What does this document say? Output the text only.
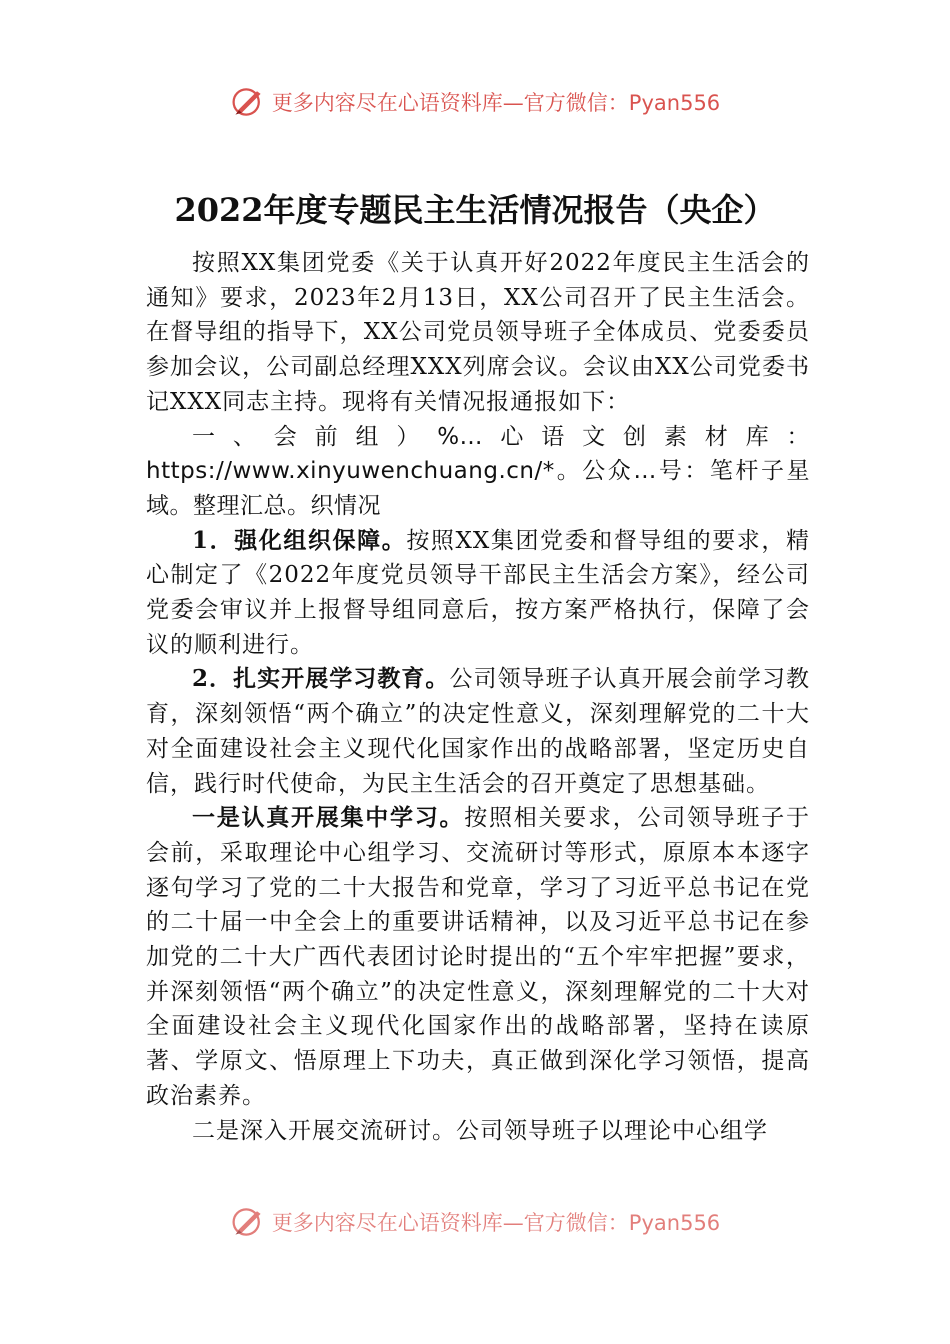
更多内容尽在心语资料库—官方微信：Pyan556
2022年度专题民主生活情况报告（央企）

按照XX集团党委《关于认真开好2022年度民主生活会的通知》要求，2023年2月13日，XX公司召开了民主生活会。在督导组的指导下，XX公司党员领导班子全体成员、党委委员参加会议，公司副总经理XXX列席会议。会议由XX公司党委书记XXX同志主持。现将有关情况报通报如下：

一、会前组）%…心语文创素材库：https://www.xinyuwenchuang.cn/*。公众…号：笔杆子星域。整理汇总。织情况

1．强化组织保障。按照XX集团党委和督导组的要求，精心制定了《2022年度党员领导干部民主生活会方案》，经公司党委会审议并上报督导组同意后，按方案严格执行，保障了会议的顺利进行。

2．扎实开展学习教育。公司领导班子认真开展会前学习教育，深刻领悟“两个确立”的决定性意义，深刻理解党的二十大对全面建设社会主义现代化国家作出的战略部署，坚定历史自信，践行时代使命，为民主生活会的召开奠定了思想基础。

一是认真开展集中学习。按照相关要求，公司领导班子于会前，采取理论中心组学习、交流研讨等形式，原原本本逐字逐句学习了党的二十大报告和党章，学习了习近平总书记在党的二十届一中全会上的重要讲话精神，以及习近平总书记在参加党的二十大广西代表团讨论时提出的“五个牢牢把握”要求，并深刻领悟“两个确立”的决定性意义，深刻理解党的二十大对全面建设社会主义现代化国家作出的战略部署，坚持在读原著、学原文、悟原理上下功夫，真正做到深化学习领悟，提高政治素养。

二是深入开展交流研讨。公司领导班子以理论中心组学

更多内容尽在心语资料库—官方微信：Pyan556
